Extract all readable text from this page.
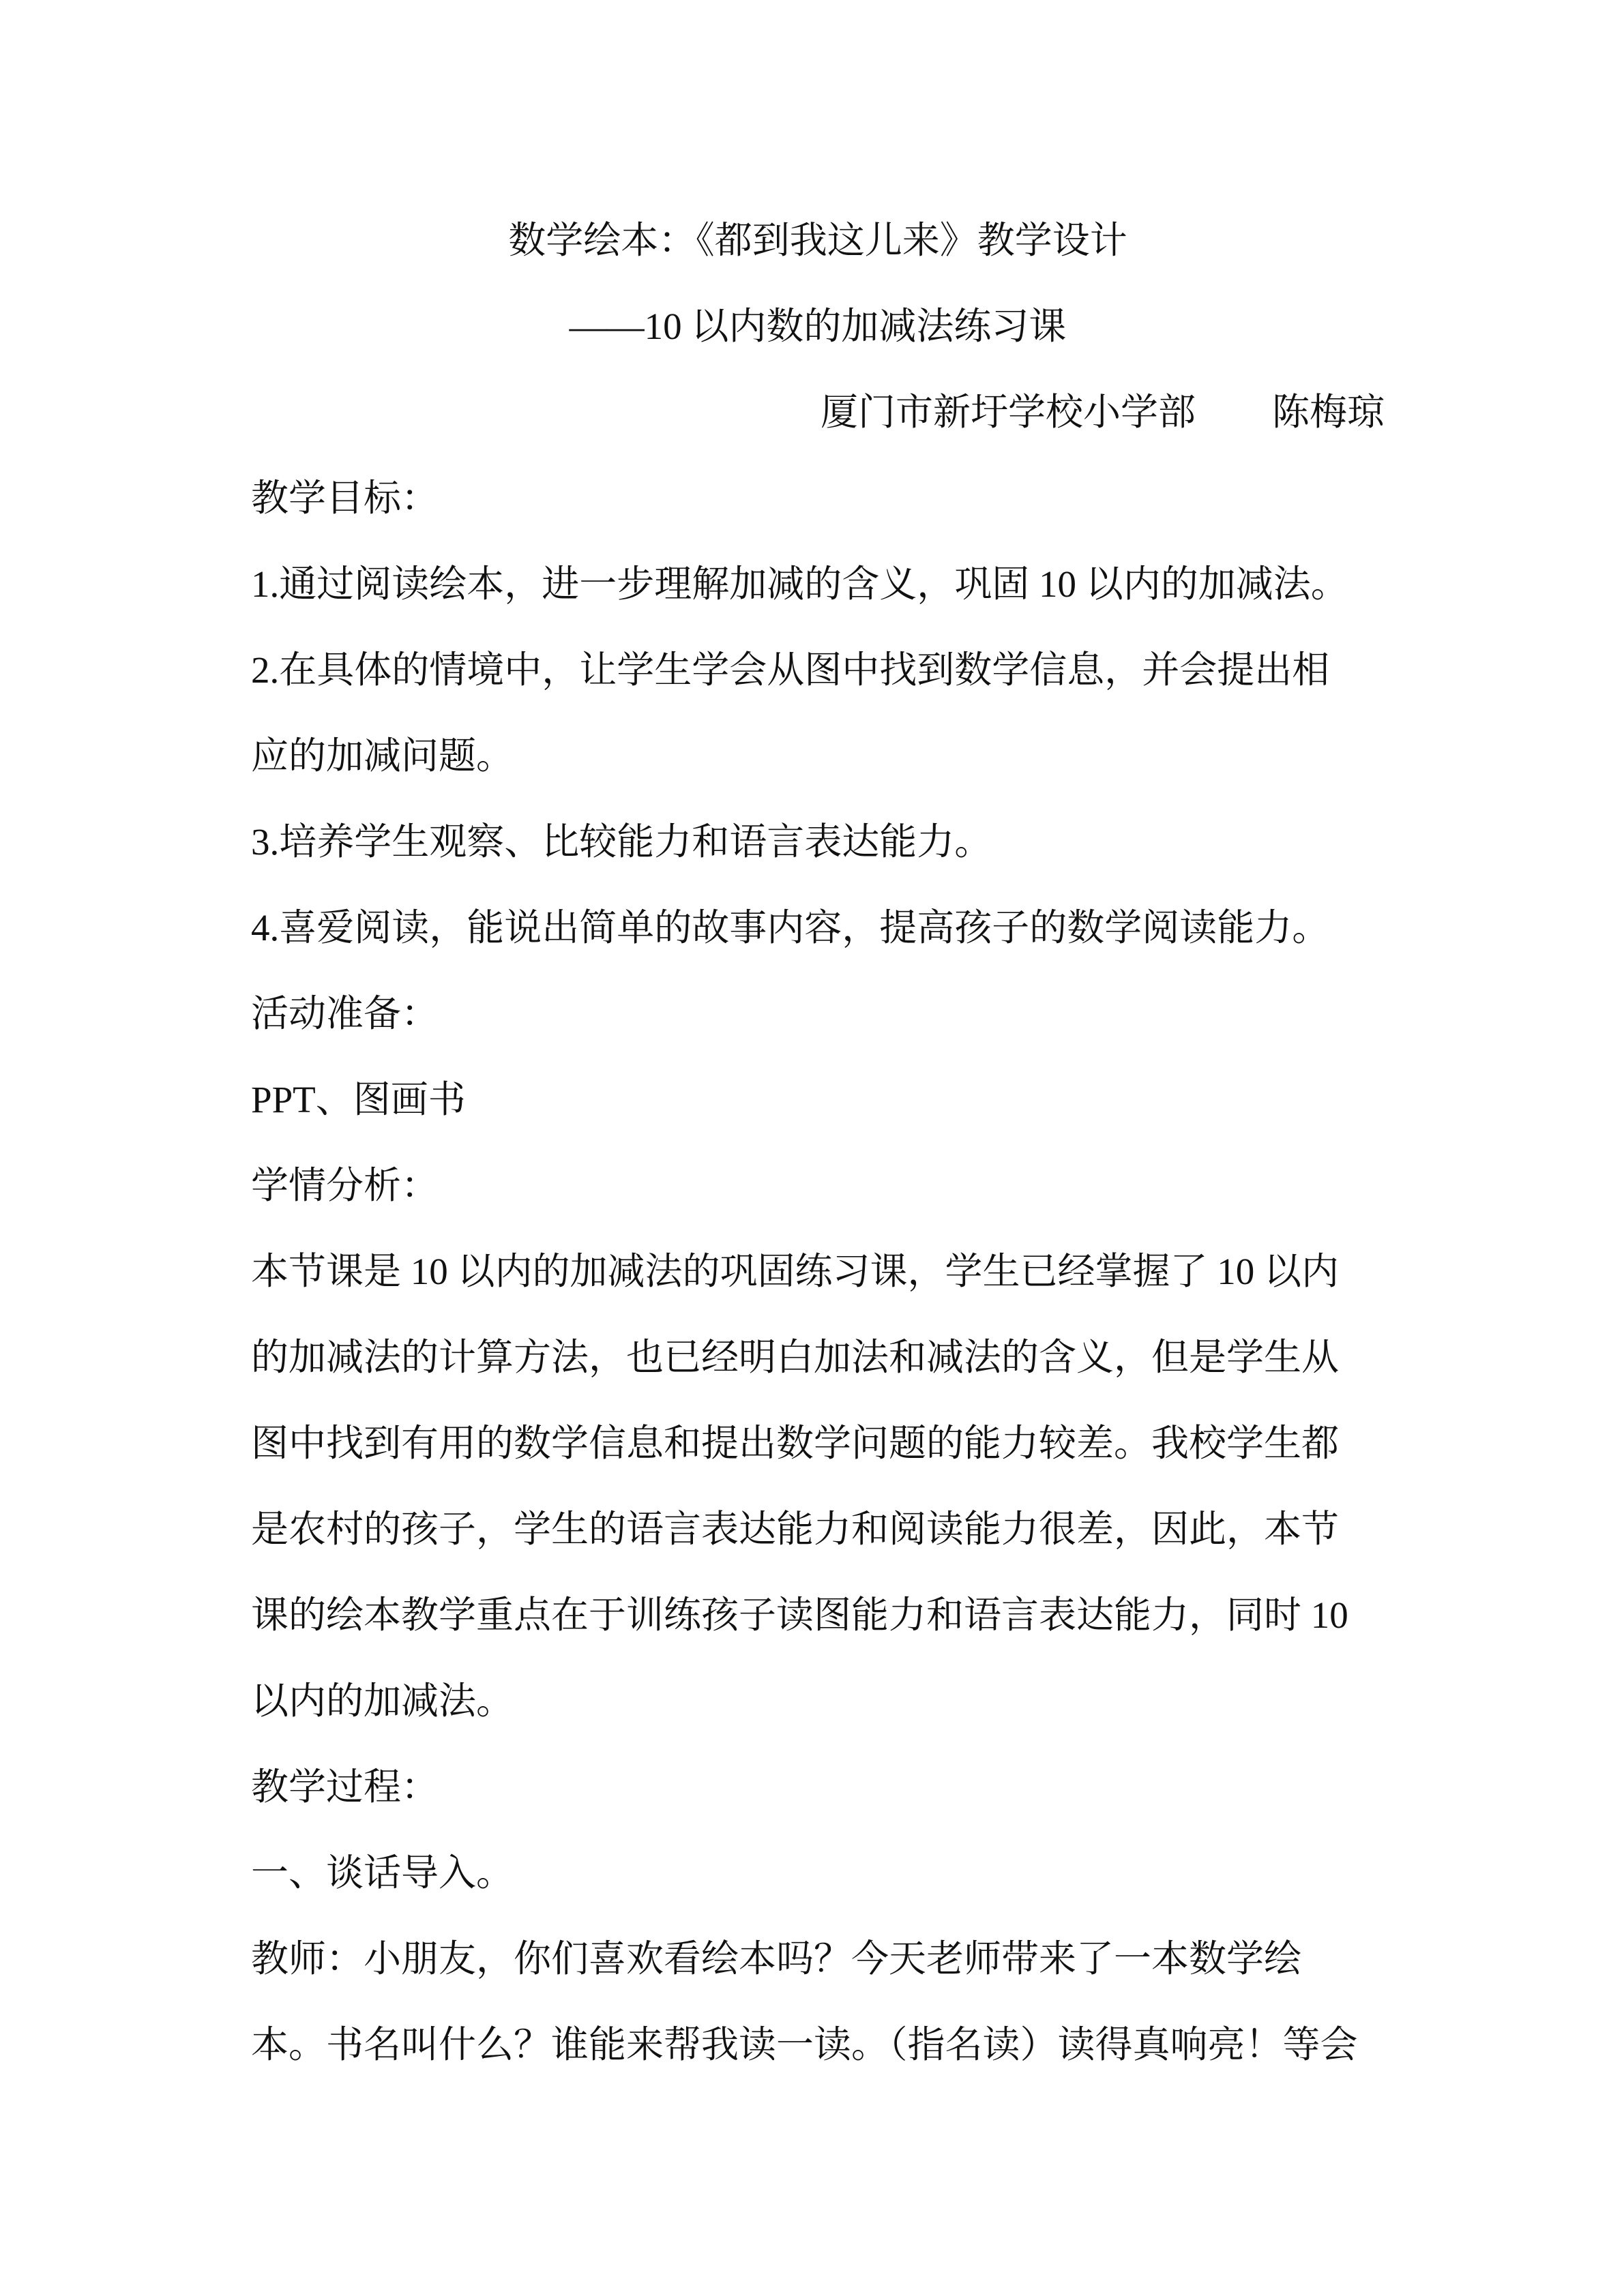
数学绘本：《都到我这儿来》教学设计
——10 以内数的加减法练习课
厦门市新圩学校小学部 陈梅琼
教学目标：
1.通过阅读绘本，进一步理解加减的含义，巩固 10 以内的加减法。
2.在具体的情境中，让学生学会从图中找到数学信息，并会提出相
应的加减问题。
3.培养学生观察、比较能力和语言表达能力。
4.喜爱阅读，能说出简单的故事内容，提高孩子的数学阅读能力。
活动准备：
PPT、图画书
学情分析：
本节课是 10 以内的加减法的巩固练习课，学生已经掌握了 10 以内
的加减法的计算方法，也已经明白加法和减法的含义，但是学生从
图中找到有用的数学信息和提出数学问题的能力较差。我校学生都
是农村的孩子，学生的语言表达能力和阅读能力很差，因此，本节
课的绘本教学重点在于训练孩子读图能力和语言表达能力，同时 10
以内的加减法。
教学过程：
一、谈话导入。
教师：小朋友，你们喜欢看绘本吗？今天老师带来了一本数学绘
本。书名叫什么？谁能来帮我读一读。（指名读）读得真响亮！等会
